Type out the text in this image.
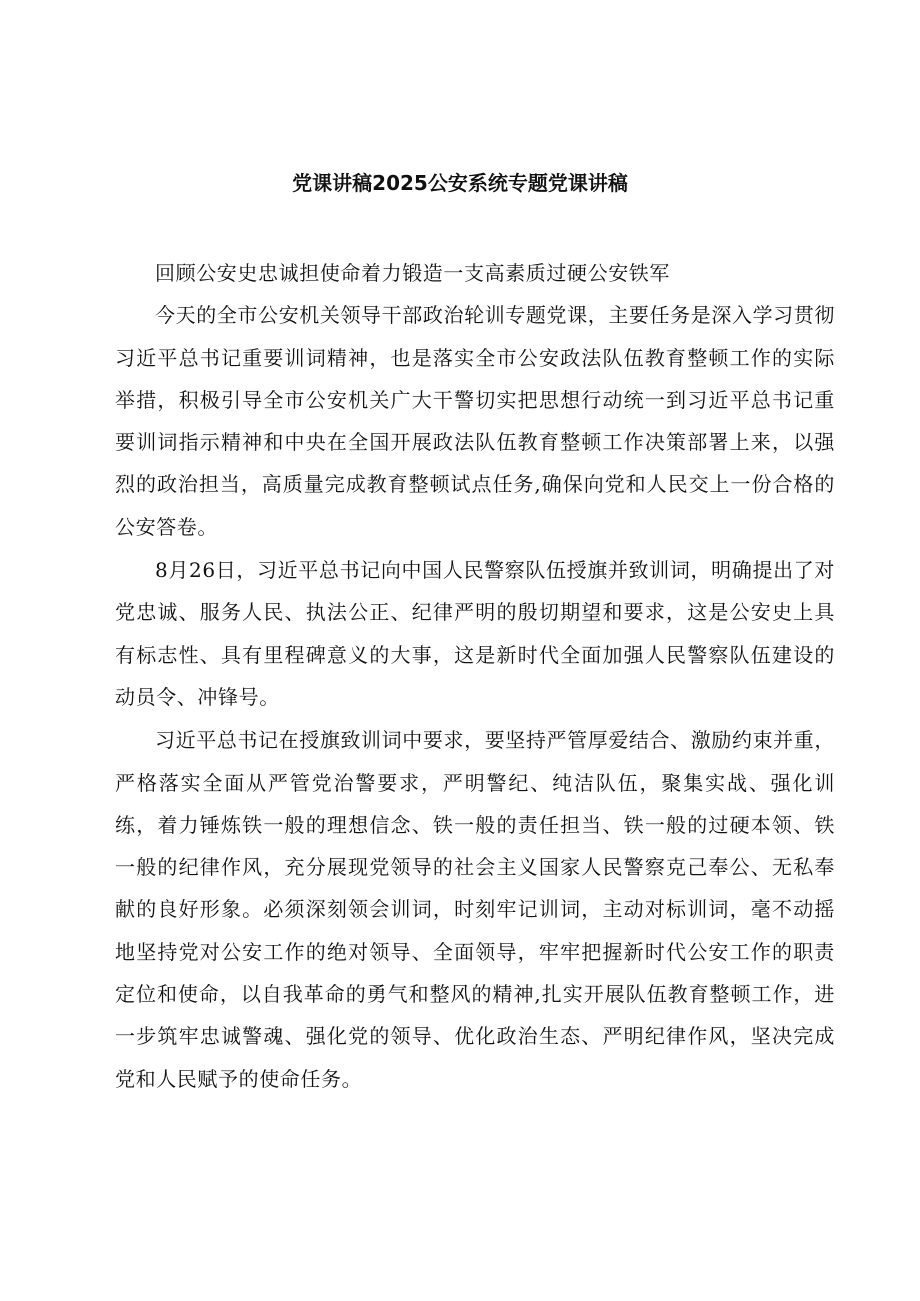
党课讲稿2025公安系统专题党课讲稿

回顾公安史忠诚担使命着力锻造一支高素质过硬公安铁军

今天的全市公安机关领导干部政治轮训专题党课，主要任务是深入学习贯彻习近平总书记重要训词精神，也是落实全市公安政法队伍教育整顿工作的实际举措，积极引导全市公安机关广大干警切实把思想行动统一到习近平总书记重要训词指示精神和中央在全国开展政法队伍教育整顿工作决策部署上来，以强烈的政治担当，高质量完成教育整顿试点任务,确保向党和人民交上一份合格的公安答卷。

8月26日，习近平总书记向中国人民警察队伍授旗并致训词，明确提出了对党忠诚、服务人民、执法公正、纪律严明的殷切期望和要求，这是公安史上具有标志性、具有里程碑意义的大事，这是新时代全面加强人民警察队伍建设的动员令、冲锋号。

习近平总书记在授旗致训词中要求，要坚持严管厚爱结合、激励约束并重，严格落实全面从严管党治警要求，严明警纪、纯洁队伍，聚集实战、强化训练，着力锤炼铁一般的理想信念、铁一般的责任担当、铁一般的过硬本领、铁一般的纪律作风，充分展现党领导的社会主义国家人民警察克己奉公、无私奉献的良好形象。必须深刻领会训词，时刻牢记训词，主动对标训词，毫不动摇地坚持党对公安工作的绝对领导、全面领导，牢牢把握新时代公安工作的职责定位和使命，以自我革命的勇气和整风的精神,扎实开展队伍教育整顿工作，进一步筑牢忠诚警魂、强化党的领导、优化政治生态、严明纪律作风，坚决完成党和人民赋予的使命任务。
